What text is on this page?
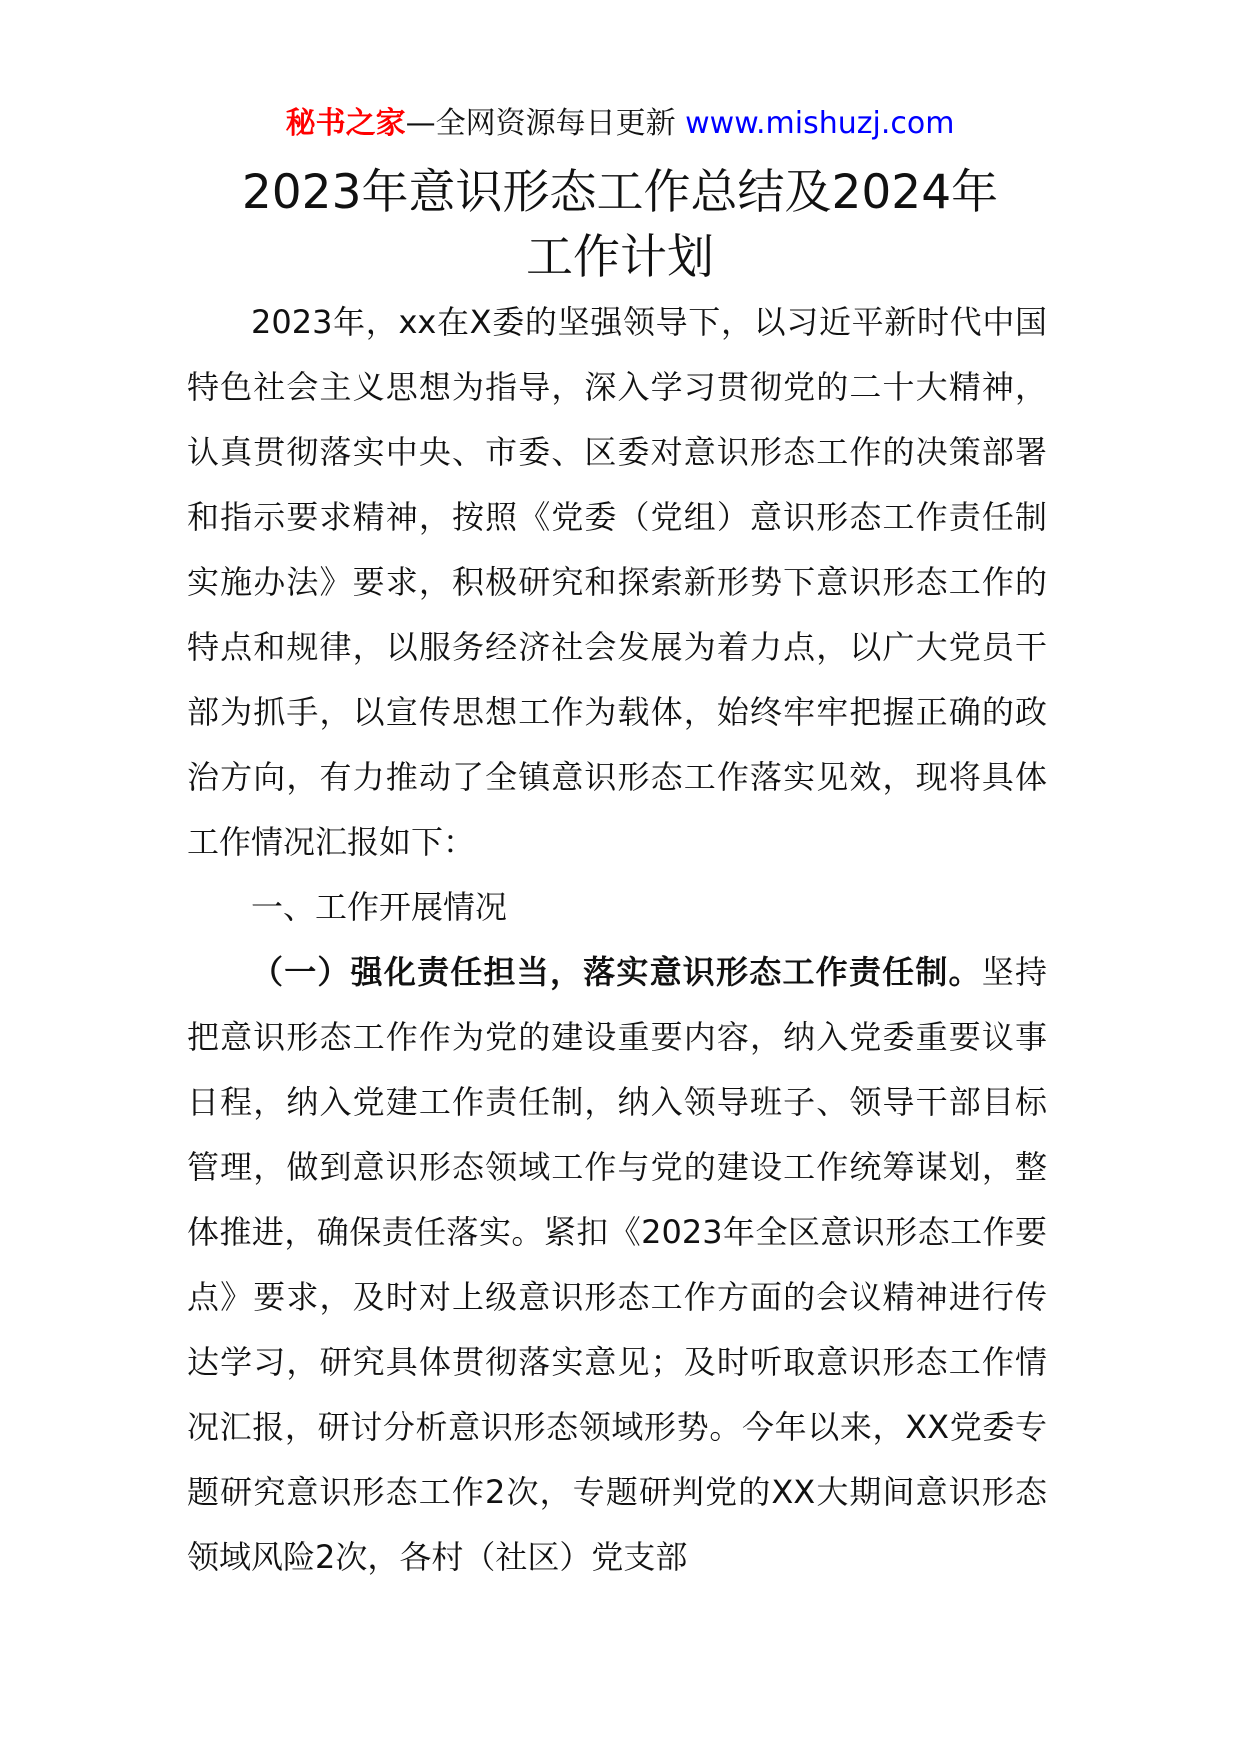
秘书之家—全网资源每日更新 www.mishuzj.com
2023年意识形态工作总结及2024年
工作计划

2023年，xx在X委的坚强领导下，以习近平新时代中国特色社会主义思想为指导，深入学习贯彻党的二十大精神，认真贯彻落实中央、市委、区委对意识形态工作的决策部署和指示要求精神，按照《党委（党组）意识形态工作责任制实施办法》要求，积极研究和探索新形势下意识形态工作的特点和规律，以服务经济社会发展为着力点，以广大党员干部为抓手，以宣传思想工作为载体，始终牢牢把握正确的政治方向，有力推动了全镇意识形态工作落实见效，现将具体工作情况汇报如下：

一、工作开展情况

（一）强化责任担当，落实意识形态工作责任制。坚持把意识形态工作作为党的建设重要内容，纳入党委重要议事日程，纳入党建工作责任制，纳入领导班子、领导干部目标管理，做到意识形态领域工作与党的建设工作统筹谋划，整体推进，确保责任落实。紧扣《2023年全区意识形态工作要点》要求，及时对上级意识形态工作方面的会议精神进行传达学习，研究具体贯彻落实意见；及时听取意识形态工作情况汇报，研讨分析意识形态领域形势。今年以来，XX党委专题研究意识形态工作2次，专题研判党的XX大期间意识形态领域风险2次，各村（社区）党支部
